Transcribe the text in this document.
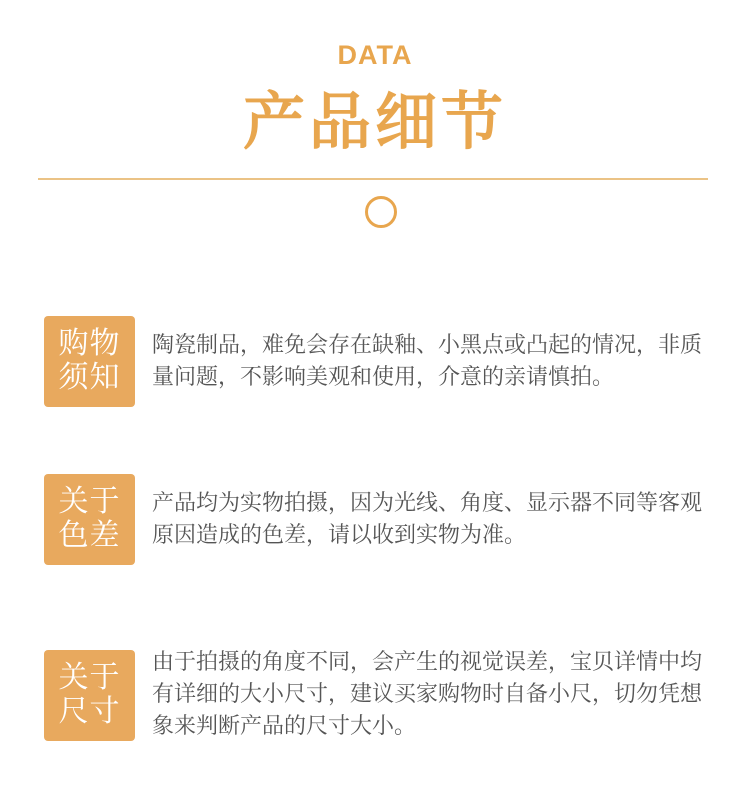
DATA
产品细节
购物
须知
陶瓷制品，难免会存在缺釉、小黑点或凸起的情况，非质量问题，不影响美观和使用，介意的亲请慎拍。
关于
色差
产品均为实物拍摄，因为光线、角度、显示器不同等客观原因造成的色差，请以收到实物为准。
关于
尺寸
由于拍摄的角度不同，会产生的视觉误差，宝贝详情中均有详细的大小尺寸，建议买家购物时自备小尺，切勿凭想象来判断产品的尺寸大小。
